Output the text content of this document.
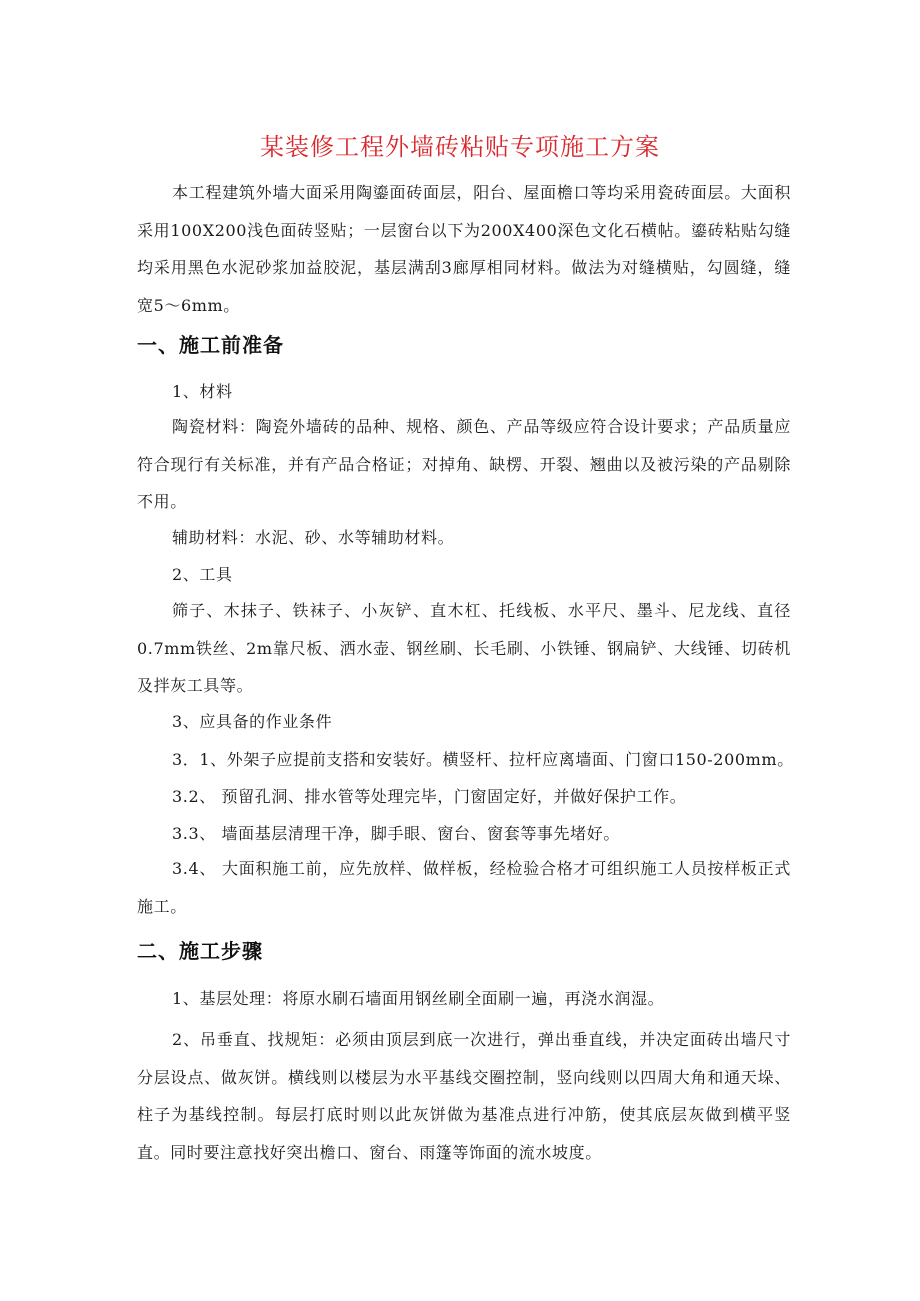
某装修工程外墙砖粘贴专项施工方案

本工程建筑外墙大面采用陶鎏面砖面层，阳台、屋面檐口等均采用瓷砖面层。大面积采用100X200浅色面砖竖贴；一层窗台以下为200X400深色文化石横帖。鎏砖粘贴勾缝均采用黑色水泥砂浆加益胶泥，基层满刮3廊厚相同材料。做法为对缝横贴，勾圆缝，缝宽5～6mm。

一、施工前准备

1、材料

陶瓷材料：陶瓷外墙砖的品种、规格、颜色、产品等级应符合设计要求；产品质量应符合现行有关标准，并有产品合格证；对掉角、缺楞、开裂、翘曲以及被污染的产品剔除不用。

辅助材料：水泥、砂、水等辅助材料。

2、工具

筛子、木抹子、铁袜子、小灰铲、直木杠、托线板、水平尺、墨斗、尼龙线、直径0.7mm铁丝、2m靠尺板、洒水壶、钢丝刷、长毛刷、小铁锤、钢扁铲、大线锤、切砖机及拌灰工具等。

3、应具备的作业条件

3．1、外架子应提前支搭和安装好。横竖杆、拉杆应离墙面、门窗口150-200mm。

3.2、 预留孔洞、排水管等处理完毕，门窗固定好，并做好保护工作。

3.3、 墙面基层清理干净，脚手眼、窗台、窗套等事先堵好。

3.4、 大面积施工前，应先放样、做样板，经检验合格才可组织施工人员按样板正式施工。

二、施工步骤

1、基层处理：将原水刷石墙面用钢丝刷全面刷一遍，再浇水润湿。

2、吊垂直、找规矩：必须由顶层到底一次进行，弹出垂直线，并决定面砖出墙尺寸分层设点、做灰饼。横线则以楼层为水平基线交圈控制，竖向线则以四周大角和通天垛、柱子为基线控制。每层打底时则以此灰饼做为基准点进行冲筋，使其底层灰做到横平竖直。同时要注意找好突出檐口、窗台、雨篷等饰面的流水坡度。
